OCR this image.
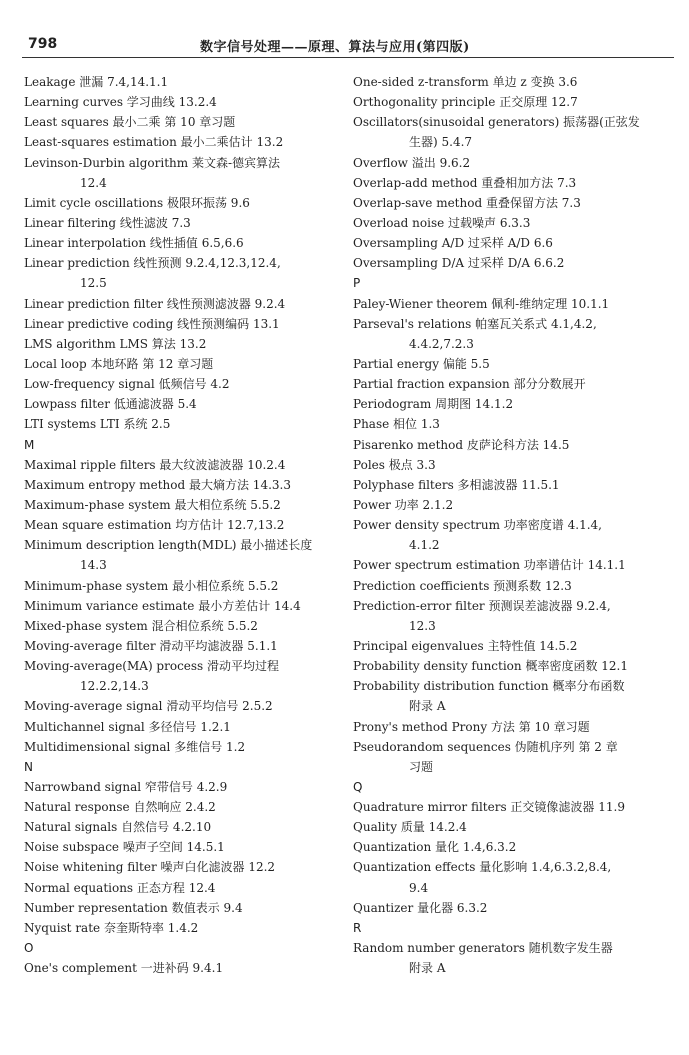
798	数字信号处理——原理、算法与应用(第四版)
Leakage 泄漏 7.4,14.1.1
Learning curves 学习曲线 13.2.4
Least squares 最小二乘 第 10 章习题
Least-squares estimation 最小二乘估计 13.2
Levinson-Durbin algorithm 莱文森-德宾算法
12.4
Limit cycle oscillations 极限环振荡 9.6
Linear filtering 线性滤波 7.3
Linear interpolation 线性插值 6.5,6.6
Linear prediction 线性预测 9.2.4,12.3,12.4,
12.5
Linear prediction filter 线性预测滤波器 9.2.4
Linear predictive coding 线性预测编码 13.1
LMS algorithm LMS 算法 13.2
Local loop 本地环路 第 12 章习题
Low-frequency signal 低频信号 4.2
Lowpass filter 低通滤波器 5.4
LTI systems LTI 系统 2.5
M
Maximal ripple filters 最大纹波滤波器 10.2.4
Maximum entropy method 最大熵方法 14.3.3
Maximum-phase system 最大相位系统 5.5.2
Mean square estimation 均方估计 12.7,13.2
Minimum description length(MDL) 最小描述长度
14.3
Minimum-phase system 最小相位系统 5.5.2
Minimum variance estimate 最小方差估计 14.4
Mixed-phase system 混合相位系统 5.5.2
Moving-average filter 滑动平均滤波器 5.1.1
Moving-average(MA) process 滑动平均过程
12.2.2,14.3
Moving-average signal 滑动平均信号 2.5.2
Multichannel signal 多径信号 1.2.1
Multidimensional signal 多维信号 1.2
N
Narrowband signal 窄带信号 4.2.9
Natural response 自然响应 2.4.2
Natural signals 自然信号 4.2.10
Noise subspace 噪声子空间 14.5.1
Noise whitening filter 噪声白化滤波器 12.2
Normal equations 正态方程 12.4
Number representation 数值表示 9.4
Nyquist rate 奈奎斯特率 1.4.2
O
One's complement 一进补码 9.4.1
One-sided z-transform 单边 z 变换 3.6
Orthogonality principle 正交原理 12.7
Oscillators(sinusoidal generators) 振荡器(正弦发
生器) 5.4.7
Overflow 溢出 9.6.2
Overlap-add method 重叠相加方法 7.3
Overlap-save method 重叠保留方法 7.3
Overload noise 过载噪声 6.3.3
Oversampling A/D 过采样 A/D 6.6
Oversampling D/A 过采样 D/A 6.6.2
P
Paley-Wiener theorem 佩利-维纳定理 10.1.1
Parseval's relations 帕塞瓦关系式 4.1,4.2,
4.4.2,7.2.3
Partial energy 偏能 5.5
Partial fraction expansion 部分分数展开
Periodogram 周期图 14.1.2
Phase 相位 1.3
Pisarenko method 皮萨论科方法 14.5
Poles 极点 3.3
Polyphase filters 多相滤波器 11.5.1
Power 功率 2.1.2
Power density spectrum 功率密度谱 4.1.4,
4.1.2
Power spectrum estimation 功率谱估计 14.1.1
Prediction coefficients 预测系数 12.3
Prediction-error filter 预测误差滤波器 9.2.4,
12.3
Principal eigenvalues 主特性值 14.5.2
Probability density function 概率密度函数 12.1
Probability distribution function 概率分布函数
附录 A
Prony's method Prony 方法 第 10 章习题
Pseudorandom sequences 伪随机序列 第 2 章
习题
Q
Quadrature mirror filters 正交镜像滤波器 11.9
Quality 质量 14.2.4
Quantization 量化 1.4,6.3.2
Quantization effects 量化影响 1.4,6.3.2,8.4,
9.4
Quantizer 量化器 6.3.2
R
Random number generators 随机数字发生器
附录 A
